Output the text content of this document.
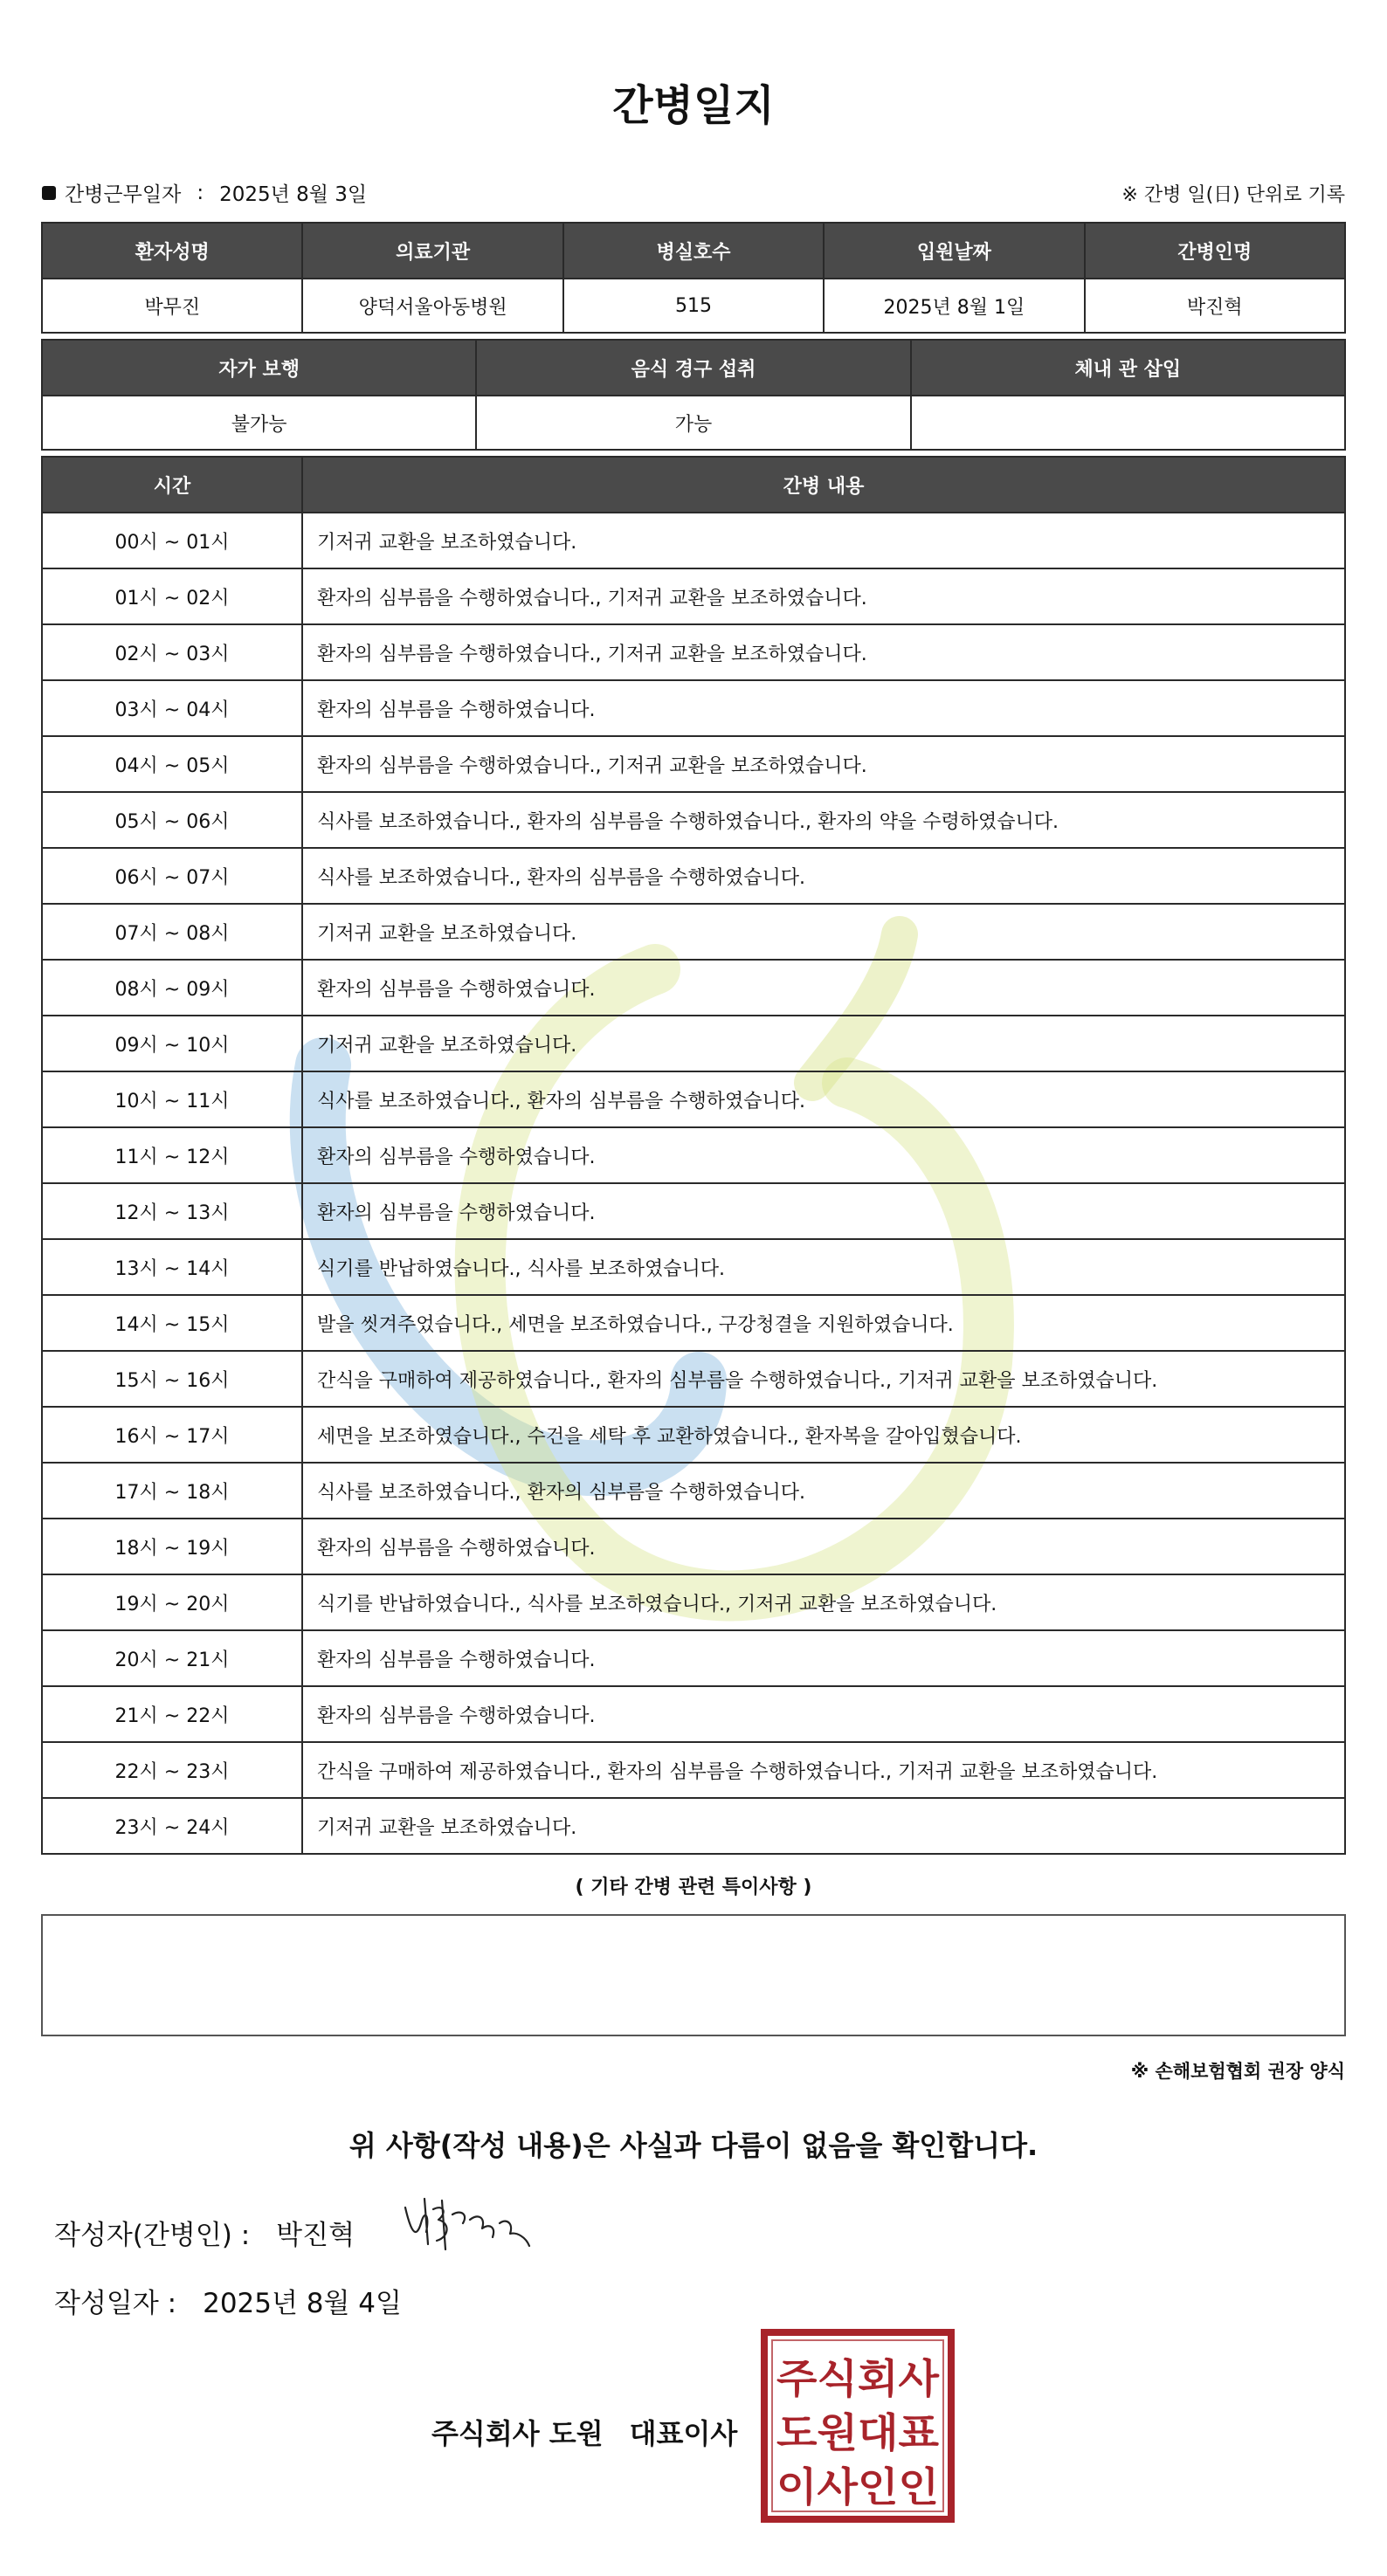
간병일지
간병근무일자 : 2025년 8월 3일	※ 간병 일(日) 단위로 기록
환자성명	의료기관	병실호수	입원날짜	간병인명
박무진	양덕서울아동병원	515	2025년 8월 1일	박진혁
자가 보행	음식 경구 섭취	체내 관 삽입
불가능	가능	
시간	간병 내용
00시 ~ 01시	기저귀 교환을 보조하였습니다.
01시 ~ 02시	환자의 심부름을 수행하였습니다., 기저귀 교환을 보조하였습니다.
02시 ~ 03시	환자의 심부름을 수행하였습니다., 기저귀 교환을 보조하였습니다.
03시 ~ 04시	환자의 심부름을 수행하였습니다.
04시 ~ 05시	환자의 심부름을 수행하였습니다., 기저귀 교환을 보조하였습니다.
05시 ~ 06시	식사를 보조하였습니다., 환자의 심부름을 수행하였습니다., 환자의 약을 수령하였습니다.
06시 ~ 07시	식사를 보조하였습니다., 환자의 심부름을 수행하였습니다.
07시 ~ 08시	기저귀 교환을 보조하였습니다.
08시 ~ 09시	환자의 심부름을 수행하였습니다.
09시 ~ 10시	기저귀 교환을 보조하였습니다.
10시 ~ 11시	식사를 보조하였습니다., 환자의 심부름을 수행하였습니다.
11시 ~ 12시	환자의 심부름을 수행하였습니다.
12시 ~ 13시	환자의 심부름을 수행하였습니다.
13시 ~ 14시	식기를 반납하였습니다., 식사를 보조하였습니다.
14시 ~ 15시	발을 씻겨주었습니다., 세면을 보조하였습니다., 구강청결을 지원하였습니다.
15시 ~ 16시	간식을 구매하여 제공하였습니다., 환자의 심부름을 수행하였습니다., 기저귀 교환을 보조하였습니다.
16시 ~ 17시	세면을 보조하였습니다., 수건을 세탁 후 교환하였습니다., 환자복을 갈아입혔습니다.
17시 ~ 18시	식사를 보조하였습니다., 환자의 심부름을 수행하였습니다.
18시 ~ 19시	환자의 심부름을 수행하였습니다.
19시 ~ 20시	식기를 반납하였습니다., 식사를 보조하였습니다., 기저귀 교환을 보조하였습니다.
20시 ~ 21시	환자의 심부름을 수행하였습니다.
21시 ~ 22시	환자의 심부름을 수행하였습니다.
22시 ~ 23시	간식을 구매하여 제공하였습니다., 환자의 심부름을 수행하였습니다., 기저귀 교환을 보조하였습니다.
23시 ~ 24시	기저귀 교환을 보조하였습니다.
( 기타 간병 관련 특이사항 )
※ 손해보험협회 권장 양식
위 사항(작성 내용)은 사실과 다름이 없음을 확인합니다.
작성자(간병인) : 박진혁
작성일자 : 2025년 8월 4일
주식회사 도원 대표이사
주식회사
도원대표
이사인인
